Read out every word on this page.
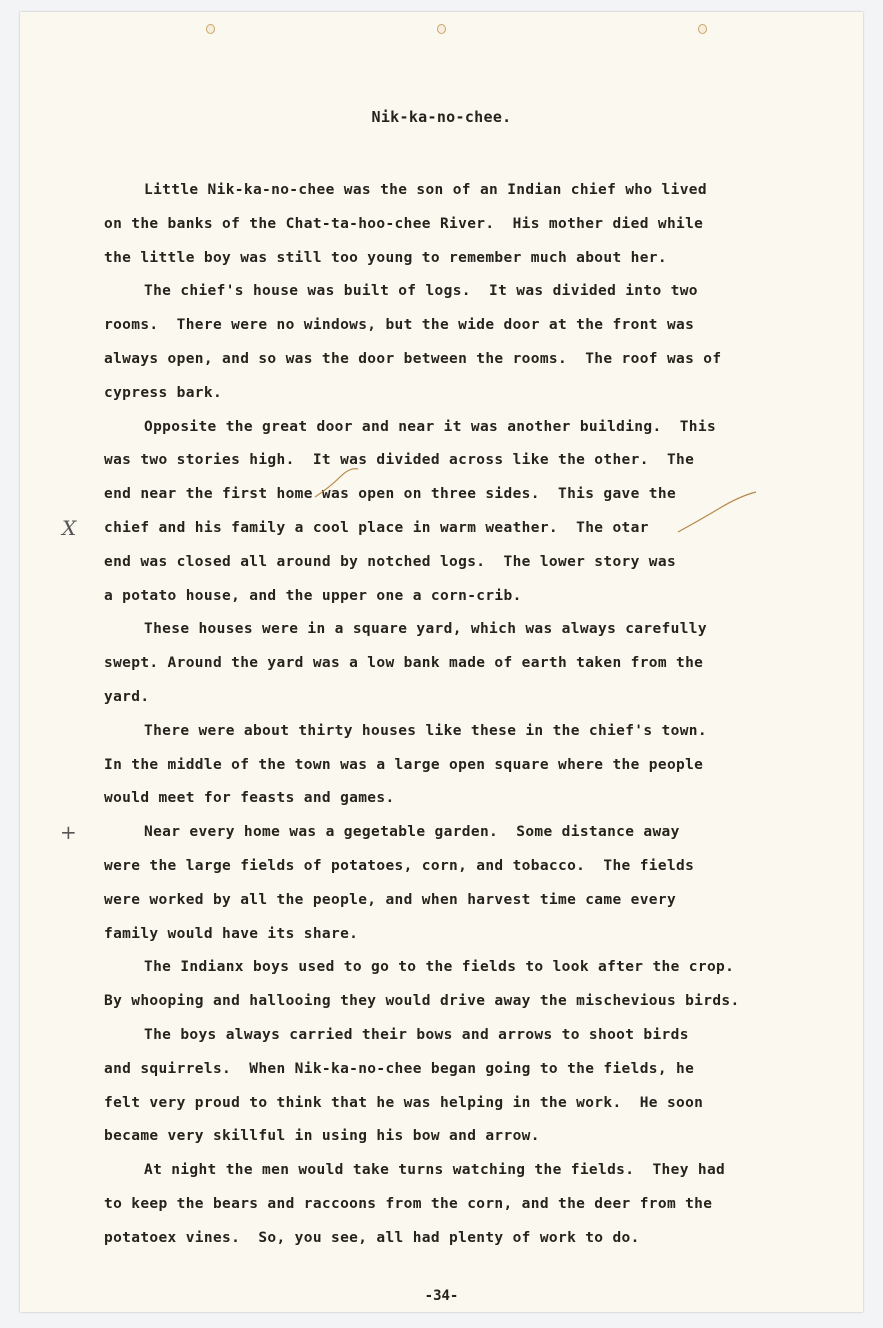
Nik-ka-no-chee.
Little Nik-ka-no-chee was the son of an Indian chief who lived
on the banks of the Chat-ta-hoo-chee River.  His mother died while
the little boy was still too young to remember much about her.
The chief's house was built of logs.  It was divided into two
rooms.  There were no windows, but the wide door at the front was
always open, and so was the door between the rooms.  The roof was of
cypress bark.
Opposite the great door and near it was another building.  This
was two stories high.  It was divided across like the other.  The
end near the first home was open on three sides.  This gave the
chief and his family a cool place in warm weather.  The otar
end was closed all around by notched logs.  The lower story was
a potato house, and the upper one a corn-crib.
These houses were in a square yard, which was always carefully
swept. Around the yard was a low bank made of earth taken from the
yard.
There were about thirty houses like these in the chief's town.
In the middle of the town was a large open square where the people
would meet for feasts and games.
Near every home was a gegetable garden.  Some distance away
were the large fields of potatoes, corn, and tobacco.  The fields
were worked by all the people, and when harvest time came every
family would have its share.
The Indianx boys used to go to the fields to look after the crop.
By whooping and hallooing they would drive away the mischevious birds.
The boys always carried their bows and arrows to shoot birds
and squirrels.  When Nik-ka-no-chee began going to the fields, he
felt very proud to think that he was helping in the work.  He soon
became very skillful in using his bow and arrow.
At night the men would take turns watching the fields.  They had
to keep the bears and raccoons from the corn, and the deer from the
potatoex vines.  So, you see, all had plenty of work to do.
X
+
-34-
